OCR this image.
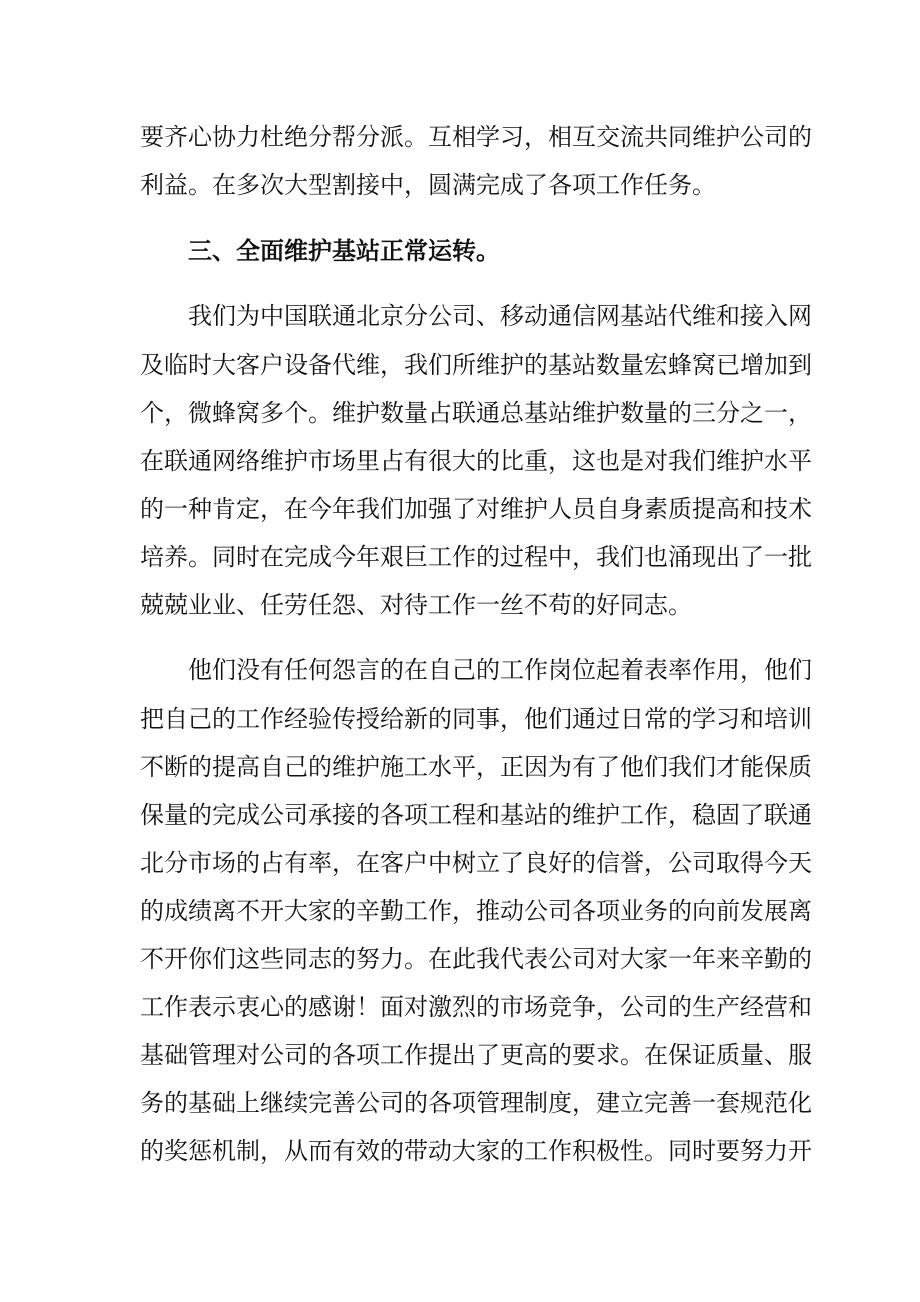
要齐心协力杜绝分帮分派。互相学习，相互交流共同维护公司的
利益。在多次大型割接中，圆满完成了各项工作任务。
三、全面维护基站正常运转。
我们为中国联通北京分公司、移动通信网基站代维和接入网
及临时大客户设备代维，我们所维护的基站数量宏蜂窝已增加到
个，微蜂窝多个。维护数量占联通总基站维护数量的三分之一，
在联通网络维护市场里占有很大的比重，这也是对我们维护水平
的一种肯定，在今年我们加强了对维护人员自身素质提高和技术
培养。同时在完成今年艰巨工作的过程中，我们也涌现出了一批
兢兢业业、任劳任怨、对待工作一丝不苟的好同志。
他们没有任何怨言的在自己的工作岗位起着表率作用，他们
把自己的工作经验传授给新的同事，他们通过日常的学习和培训
不断的提高自己的维护施工水平，正因为有了他们我们才能保质
保量的完成公司承接的各项工程和基站的维护工作，稳固了联通
北分市场的占有率，在客户中树立了良好的信誉，公司取得今天
的成绩离不开大家的辛勤工作，推动公司各项业务的向前发展离
不开你们这些同志的努力。在此我代表公司对大家一年来辛勤的
工作表示衷心的感谢！面对激烈的市场竞争，公司的生产经营和
基础管理对公司的各项工作提出了更高的要求。在保证质量、服
务的基础上继续完善公司的各项管理制度，建立完善一套规范化
的奖惩机制，从而有效的带动大家的工作积极性。同时要努力开
